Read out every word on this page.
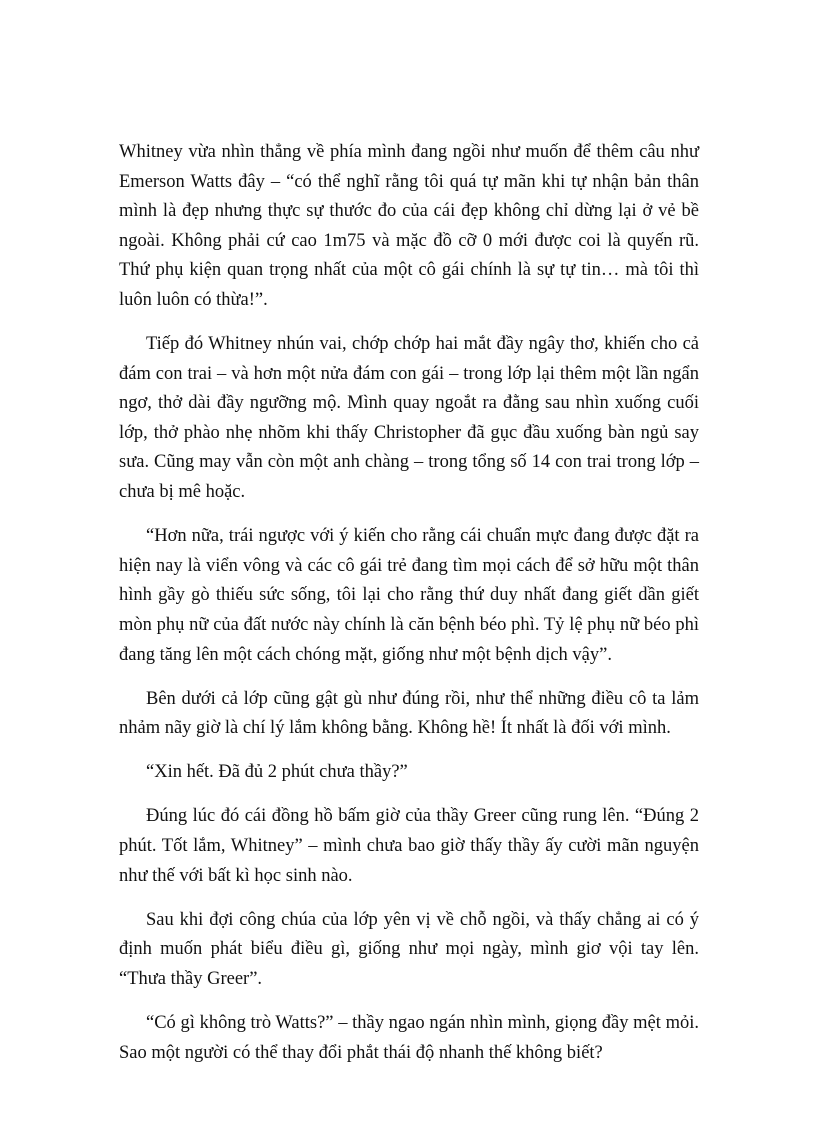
Whitney vừa nhìn thẳng về phía mình đang ngồi như muốn để thêm câu như Emerson Watts đây – “có thể nghĩ rằng tôi quá tự mãn khi tự nhận bản thân mình là đẹp nhưng thực sự thước đo của cái đẹp không chỉ dừng lại ở vẻ bề ngoài. Không phải cứ cao 1m75 và mặc đồ cỡ 0 mới được coi là quyến rũ. Thứ phụ kiện quan trọng nhất của một cô gái chính là sự tự tin… mà tôi thì luôn luôn có thừa!”.

Tiếp đó Whitney nhún vai, chớp chớp hai mắt đầy ngây thơ, khiến cho cả đám con trai – và hơn một nửa đám con gái – trong lớp lại thêm một lần ngẩn ngơ, thở dài đầy ngưỡng mộ. Mình quay ngoắt ra đằng sau nhìn xuống cuối lớp, thở phào nhẹ nhõm khi thấy Christopher đã gục đầu xuống bàn ngủ say sưa. Cũng may vẫn còn một anh chàng – trong tổng số 14 con trai trong lớp – chưa bị mê hoặc.

“Hơn nữa, trái ngược với ý kiến cho rằng cái chuẩn mực đang được đặt ra hiện nay là viển vông và các cô gái trẻ đang tìm mọi cách để sở hữu một thân hình gầy gò thiếu sức sống, tôi lại cho rằng thứ duy nhất đang giết dần giết mòn phụ nữ của đất nước này chính là căn bệnh béo phì. Tỷ lệ phụ nữ béo phì đang tăng lên một cách chóng mặt, giống như một bệnh dịch vậy”.

Bên dưới cả lớp cũng gật gù như đúng rồi, như thể những điều cô ta lảm nhảm nãy giờ là chí lý lắm không bằng. Không hề! Ít nhất là đối với mình.

“Xin hết. Đã đủ 2 phút chưa thầy?”

Đúng lúc đó cái đồng hồ bấm giờ của thầy Greer cũng rung lên. “Đúng 2 phút. Tốt lắm, Whitney” – mình chưa bao giờ thấy thầy ấy cười mãn nguyện như thế với bất kì học sinh nào.

Sau khi đợi công chúa của lớp yên vị về chỗ ngồi, và thấy chẳng ai có ý định muốn phát biểu điều gì, giống như mọi ngày, mình giơ vội tay lên. “Thưa thầy Greer”.

“Có gì không trò Watts?” – thầy ngao ngán nhìn mình, giọng đầy mệt mỏi. Sao một người có thể thay đổi phắt thái độ nhanh thế không biết?
